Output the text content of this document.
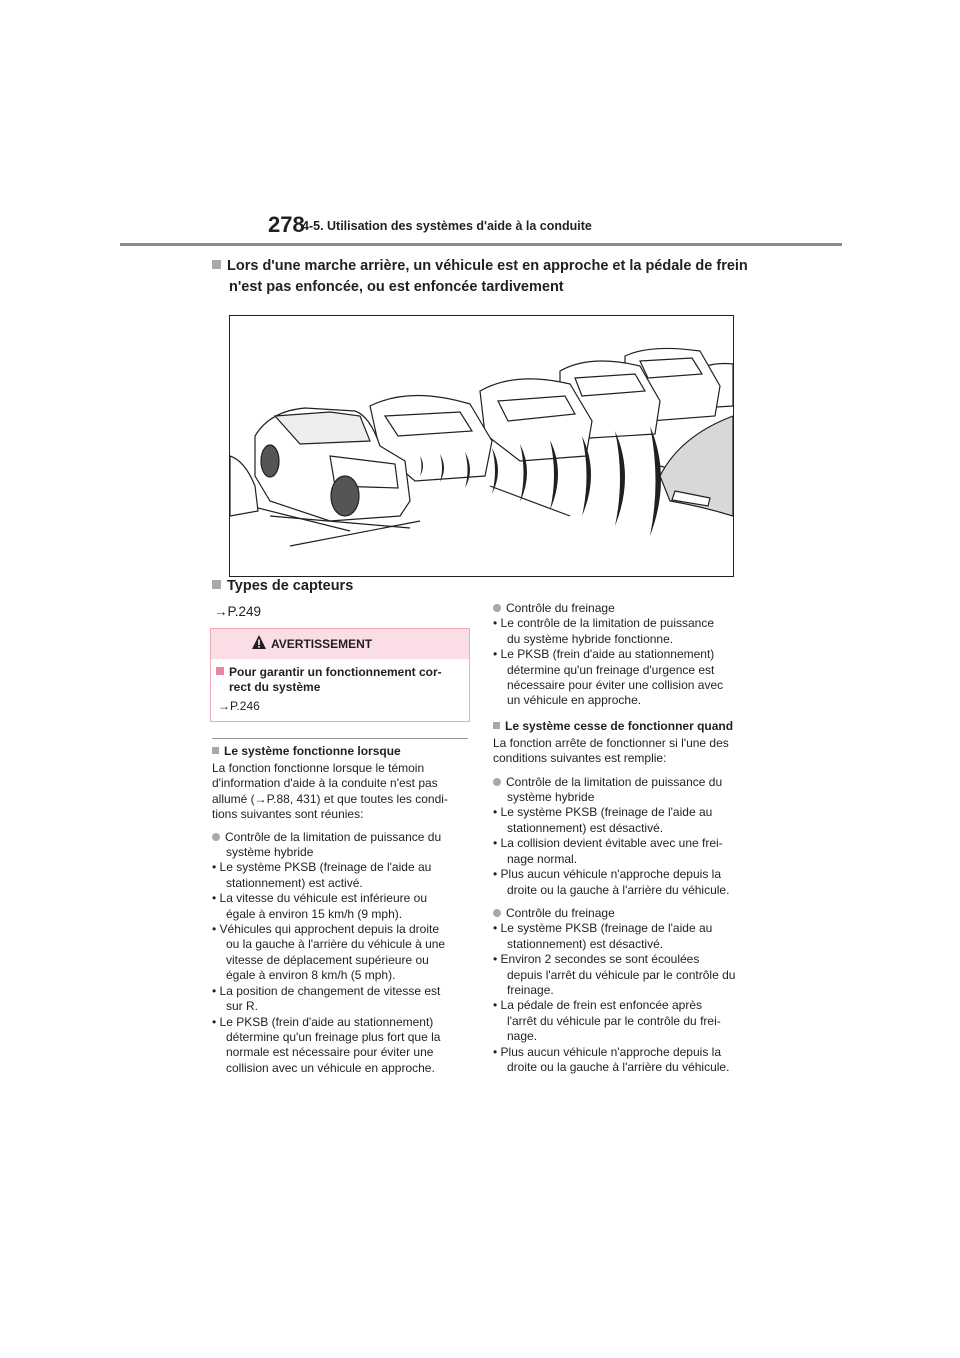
278
4-5. Utilisation des systèmes d'aide à la conduite
Lors d'une marche arrière, un véhicule est en approche et la pédale de frein
n'est pas enfoncée, ou est enfoncée tardivement
Types de capteurs
→P.249
AVERTISSEMENT
Pour garantir un fonctionnement cor-
rect du système
→P.246
Le système fonctionne lorsque
La fonction fonctionne lorsque le témoin
d'information d'aide à la conduite n'est pas
allumé (→P.88, 431) et que toutes les condi-
tions suivantes sont réunies:
Contrôle de la limitation de puissance du
système hybride
• Le système PKSB (freinage de l'aide au
stationnement) est activé.
• La vitesse du véhicule est inférieure ou
égale à environ 15 km/h (9 mph).
• Véhicules qui approchent depuis la droite
ou la gauche à l'arrière du véhicule à une
vitesse de déplacement supérieure ou
égale à environ 8 km/h (5 mph).
• La position de changement de vitesse est
sur R.
• Le PKSB (frein d'aide au stationnement)
détermine qu'un freinage plus fort que la
normale est nécessaire pour éviter une
collision avec un véhicule en approche.
Contrôle du freinage
• Le contrôle de la limitation de puissance
du système hybride fonctionne.
• Le PKSB (frein d'aide au stationnement)
détermine qu'un freinage d'urgence est
nécessaire pour éviter une collision avec
un véhicule en approche.
Le système cesse de fonctionner quand
La fonction arrête de fonctionner si l'une des
conditions suivantes est remplie:
Contrôle de la limitation de puissance du
système hybride
• Le système PKSB (freinage de l'aide au
stationnement) est désactivé.
• La collision devient évitable avec une frei-
nage normal.
• Plus aucun véhicule n'approche depuis la
droite ou la gauche à l'arrière du véhicule.
Contrôle du freinage
• Le système PKSB (freinage de l'aide au
stationnement) est désactivé.
• Environ 2 secondes se sont écoulées
depuis l'arrêt du véhicule par le contrôle du
freinage.
• La pédale de frein est enfoncée après
l'arrêt du véhicule par le contrôle du frei-
nage.
• Plus aucun véhicule n'approche depuis la
droite ou la gauche à l'arrière du véhicule.
